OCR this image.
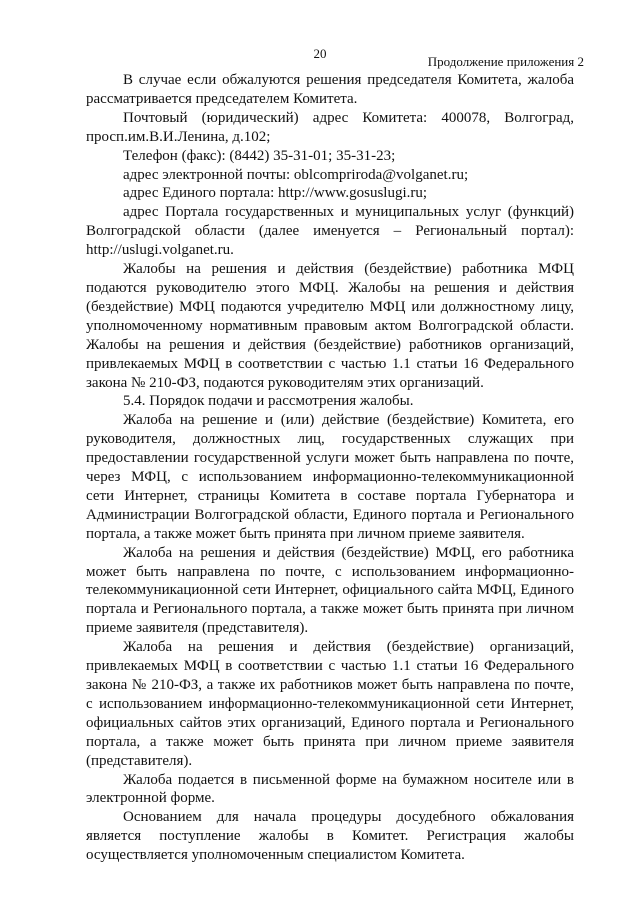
20
Продолжение приложения 2

В случае если обжалуются решения председателя Комитета, жалоба рассматривается председателем Комитета.

Почтовый (юридический) адрес Комитета: 400078, Волгоград, просп.им.В.И.Ленина, д.102;

Телефон (факс): (8442) 35-31-01; 35-31-23;

адрес электронной почты: oblcompriroda@volganet.ru;

адрес Единого портала: http://www.gosuslugi.ru;

адрес Портала государственных и муниципальных услуг (функций) Волгоградской области (далее именуется – Региональный портал): http://uslugi.volganet.ru.

Жалобы на решения и действия (бездействие) работника МФЦ подаются руководителю этого МФЦ. Жалобы на решения и действия (бездействие) МФЦ подаются учредителю МФЦ или должностному лицу, уполномоченному нормативным правовым актом Волгоградской области. Жалобы на решения и действия (бездействие) работников организаций, привлекаемых МФЦ в соответствии с частью 1.1 статьи 16 Федерального закона № 210-ФЗ, подаются руководителям этих организаций.

5.4. Порядок подачи и рассмотрения жалобы.

Жалоба на решение и (или) действие (бездействие) Комитета, его руководителя, должностных лиц, государственных служащих при предоставлении государственной услуги может быть направлена по почте, через МФЦ, с использованием информационно-телекоммуникационной сети Интернет, страницы Комитета в составе портала Губернатора и Администрации Волгоградской области, Единого портала и Регионального портала, а также может быть принята при личном приеме заявителя.

Жалоба на решения и действия (бездействие) МФЦ, его работника может быть направлена по почте, с использованием информационно-телекоммуникационной сети Интернет, официального сайта МФЦ, Единого портала и Регионального портала, а также может быть принята при личном приеме заявителя (представителя).

Жалоба на решения и действия (бездействие) организаций, привлекаемых МФЦ в соответствии с частью 1.1 статьи 16 Федерального закона № 210-ФЗ, а также их работников может быть направлена по почте, с использованием информационно-телекоммуникационной сети Интернет, официальных сайтов этих организаций, Единого портала и Регионального портала, а также может быть принята при личном приеме заявителя (представителя).

Жалоба подается в письменной форме на бумажном носителе или в электронной форме.

Основанием для начала процедуры досудебного обжалования является поступление жалобы в Комитет. Регистрация жалобы осуществляется уполномоченным специалистом Комитета.
